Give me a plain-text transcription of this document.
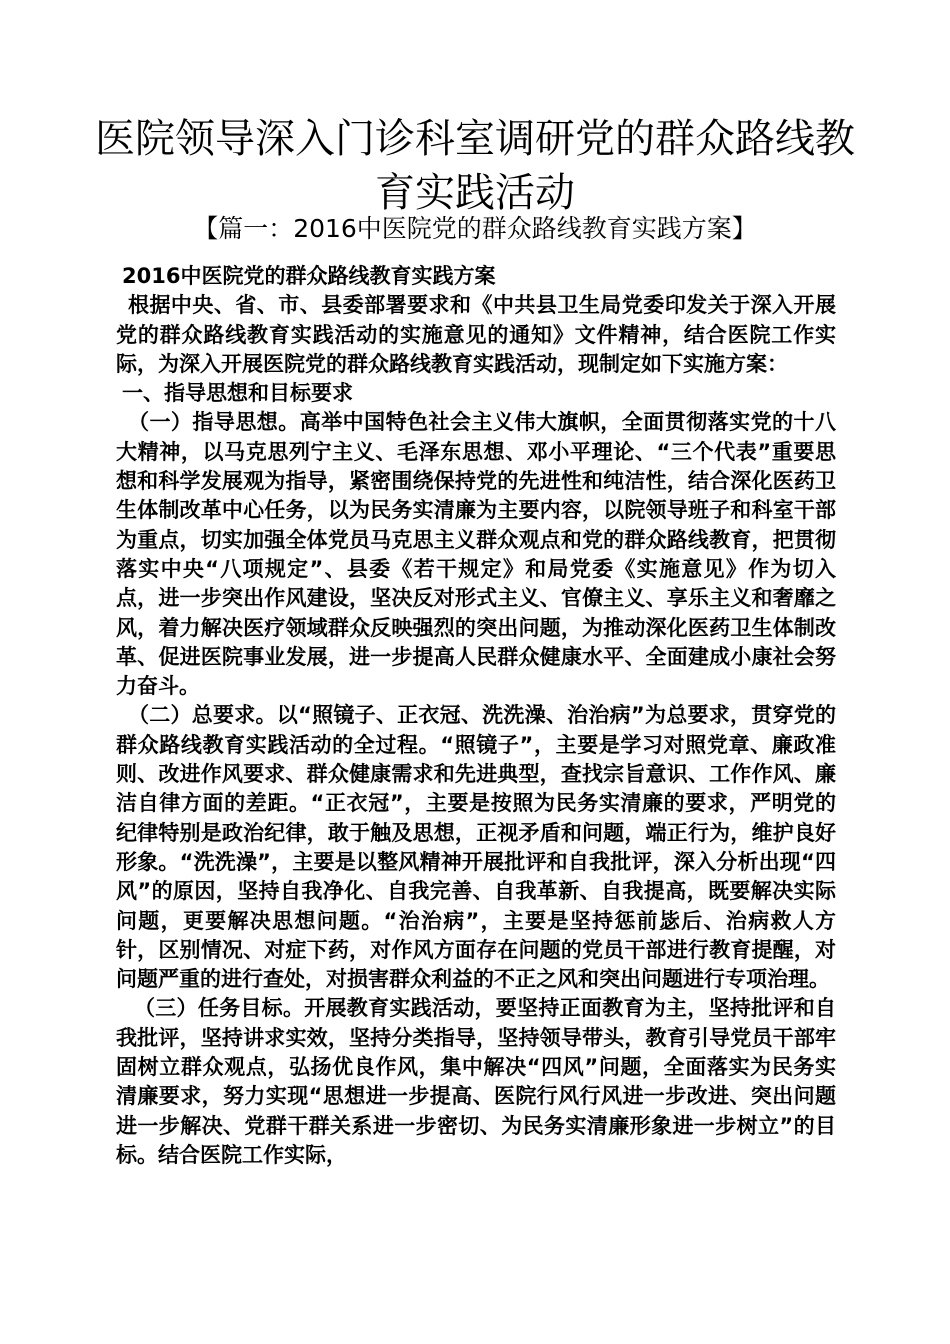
医院领导深入门诊科室调研党的群众路线教育实践活动
【篇一：2016中医院党的群众路线教育实践方案】

2016中医院党的群众路线教育实践方案

根据中央、省、市、县委部署要求和《中共县卫生局党委印发关于深入开展党的群众路线教育实践活动的实施意见的通知》文件精神，结合医院工作实际，为深入开展医院党的群众路线教育实践活动，现制定如下实施方案：

一、指导思想和目标要求

（一）指导思想。高举中国特色社会主义伟大旗帜，全面贯彻落实党的十八大精神，以马克思列宁主义、毛泽东思想、邓小平理论、“三个代表”重要思想和科学发展观为指导，紧密围绕保持党的先进性和纯洁性，结合深化医药卫生体制改革中心任务，以为民务实清廉为主要内容，以院领导班子和科室干部为重点，切实加强全体党员马克思主义群众观点和党的群众路线教育，把贯彻落实中央“八项规定”、县委《若干规定》和局党委《实施意见》作为切入点，进一步突出作风建设，坚决反对形式主义、官僚主义、享乐主义和奢靡之风，着力解决医疗领域群众反映强烈的突出问题，为推动深化医药卫生体制改革、促进医院事业发展，进一步提高人民群众健康水平、全面建成小康社会努力奋斗。

（二）总要求。以“照镜子、正衣冠、洗洗澡、治治病”为总要求，贯穿党的群众路线教育实践活动的全过程。“照镜子”，主要是学习对照党章、廉政准则、改进作风要求、群众健康需求和先进典型，查找宗旨意识、工作作风、廉洁自律方面的差距。“正衣冠”，主要是按照为民务实清廉的要求，严明党的纪律特别是政治纪律，敢于触及思想，正视矛盾和问题，端正行为，维护良好形象。“洗洗澡”，主要是以整风精神开展批评和自我批评，深入分析出现“四风”的原因，坚持自我净化、自我完善、自我革新、自我提高，既要解决实际问题，更要解决思想问题。“治治病”，主要是坚持惩前毖后、治病救人方针，区别情况、对症下药，对作风方面存在问题的党员干部进行教育提醒，对问题严重的进行查处，对损害群众利益的不正之风和突出问题进行专项治理。

（三）任务目标。开展教育实践活动，要坚持正面教育为主，坚持批评和自我批评，坚持讲求实效，坚持分类指导，坚持领导带头，教育引导党员干部牢固树立群众观点，弘扬优良作风，集中解决“四风”问题，全面落实为民务实清廉要求，努力实现“思想进一步提高、医院行风行风进一步改进、突出问题进一步解决、党群干群关系进一步密切、为民务实清廉形象进一步树立”的目标。结合医院工作实际，
